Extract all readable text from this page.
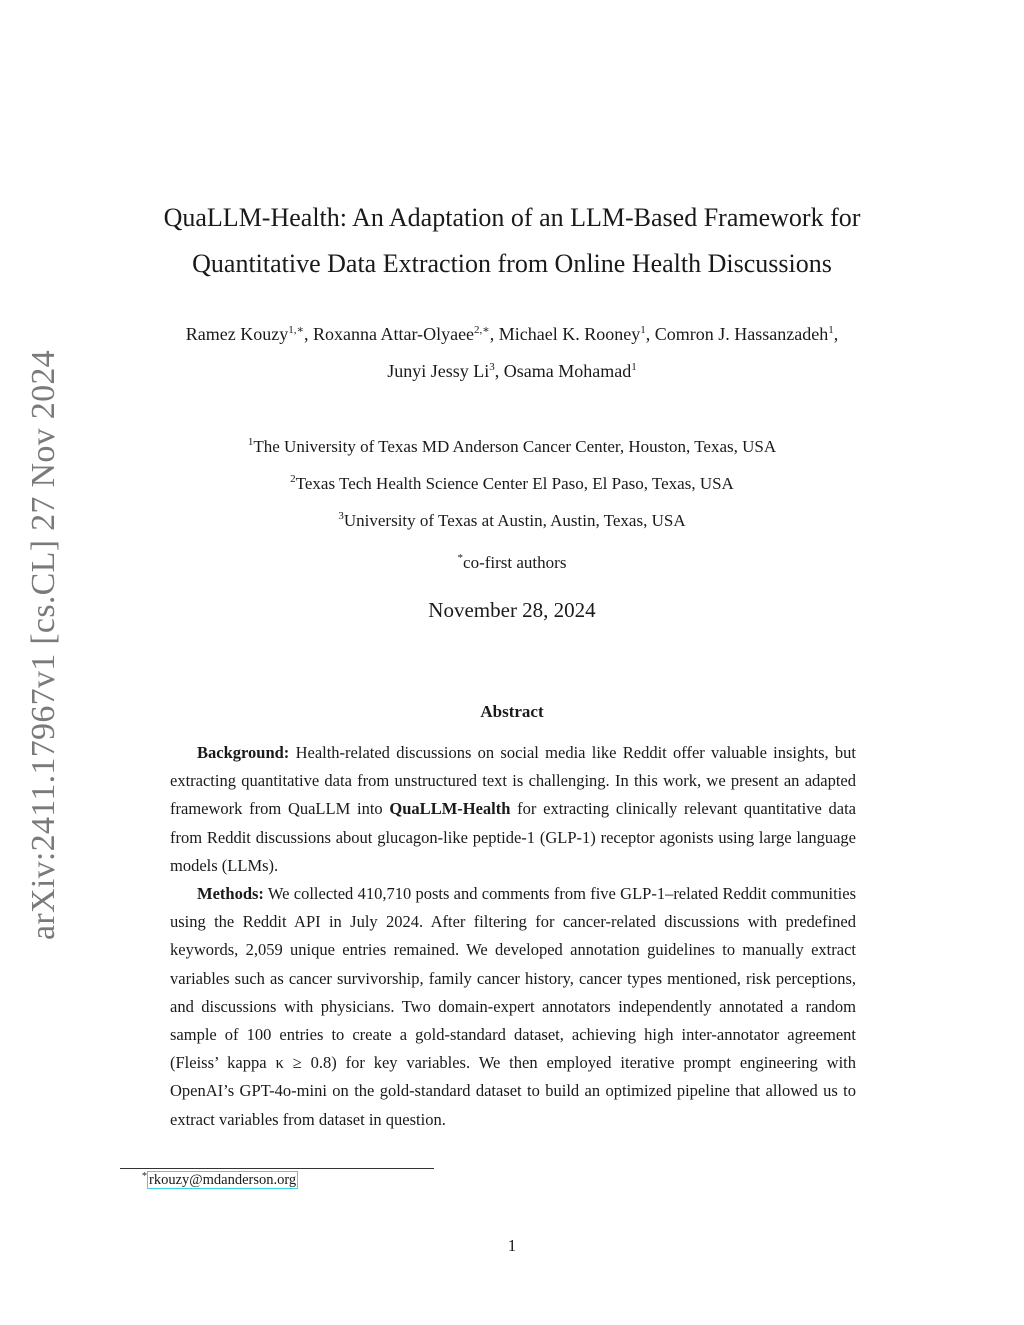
arXiv:2411.17967v1 [cs.CL] 27 Nov 2024
QuaLLM-Health: An Adaptation of an LLM-Based Framework for
Quantitative Data Extraction from Online Health Discussions
Ramez Kouzy$^{1,∗}$, Roxanna Attar-Olyaee$^{2,∗}$, Michael K. Rooney$^1$, Comron J. Hassanzadeh$^1$,
Junyi Jessy Li$^3$, Osama Mohamad$^1$
$^1$The University of Texas MD Anderson Cancer Center, Houston, Texas, USA
$^2$Texas Tech Health Science Center El Paso, El Paso, Texas, USA
$^3$University of Texas at Austin, Austin, Texas, USA
*co-first authors
November 28, 2024
Abstract

Background: Health-related discussions on social media like Reddit offer valuable insights, but extracting quantitative data from unstructured text is challenging. In this work, we present an adapted framework from QuaLLM into QuaLLM-Health for extracting clinically relevant quantitative data from Reddit discussions about glucagon-like peptide-1 (GLP-1) receptor agonists using large language models (LLMs).

Methods: We collected 410,710 posts and comments from five GLP-1–related Reddit communities using the Reddit API in July 2024. After filtering for cancer-related discussions with predefined keywords, 2,059 unique entries remained. We developed annotation guidelines to manually extract variables such as cancer survivorship, family cancer history, cancer types mentioned, risk perceptions, and discussions with physicians. Two domain-expert annotators independently annotated a random sample of 100 entries to create a gold-standard dataset, achieving high inter-annotator agreement (Fleiss’ kappa κ ≥ 0.8) for key variables. We then employed iterative prompt engineering with OpenAI’s GPT-4o-mini on the gold-standard dataset to build an optimized pipeline that allowed us to extract variables from dataset in question.

* rkouzy@mdanderson.org
1
